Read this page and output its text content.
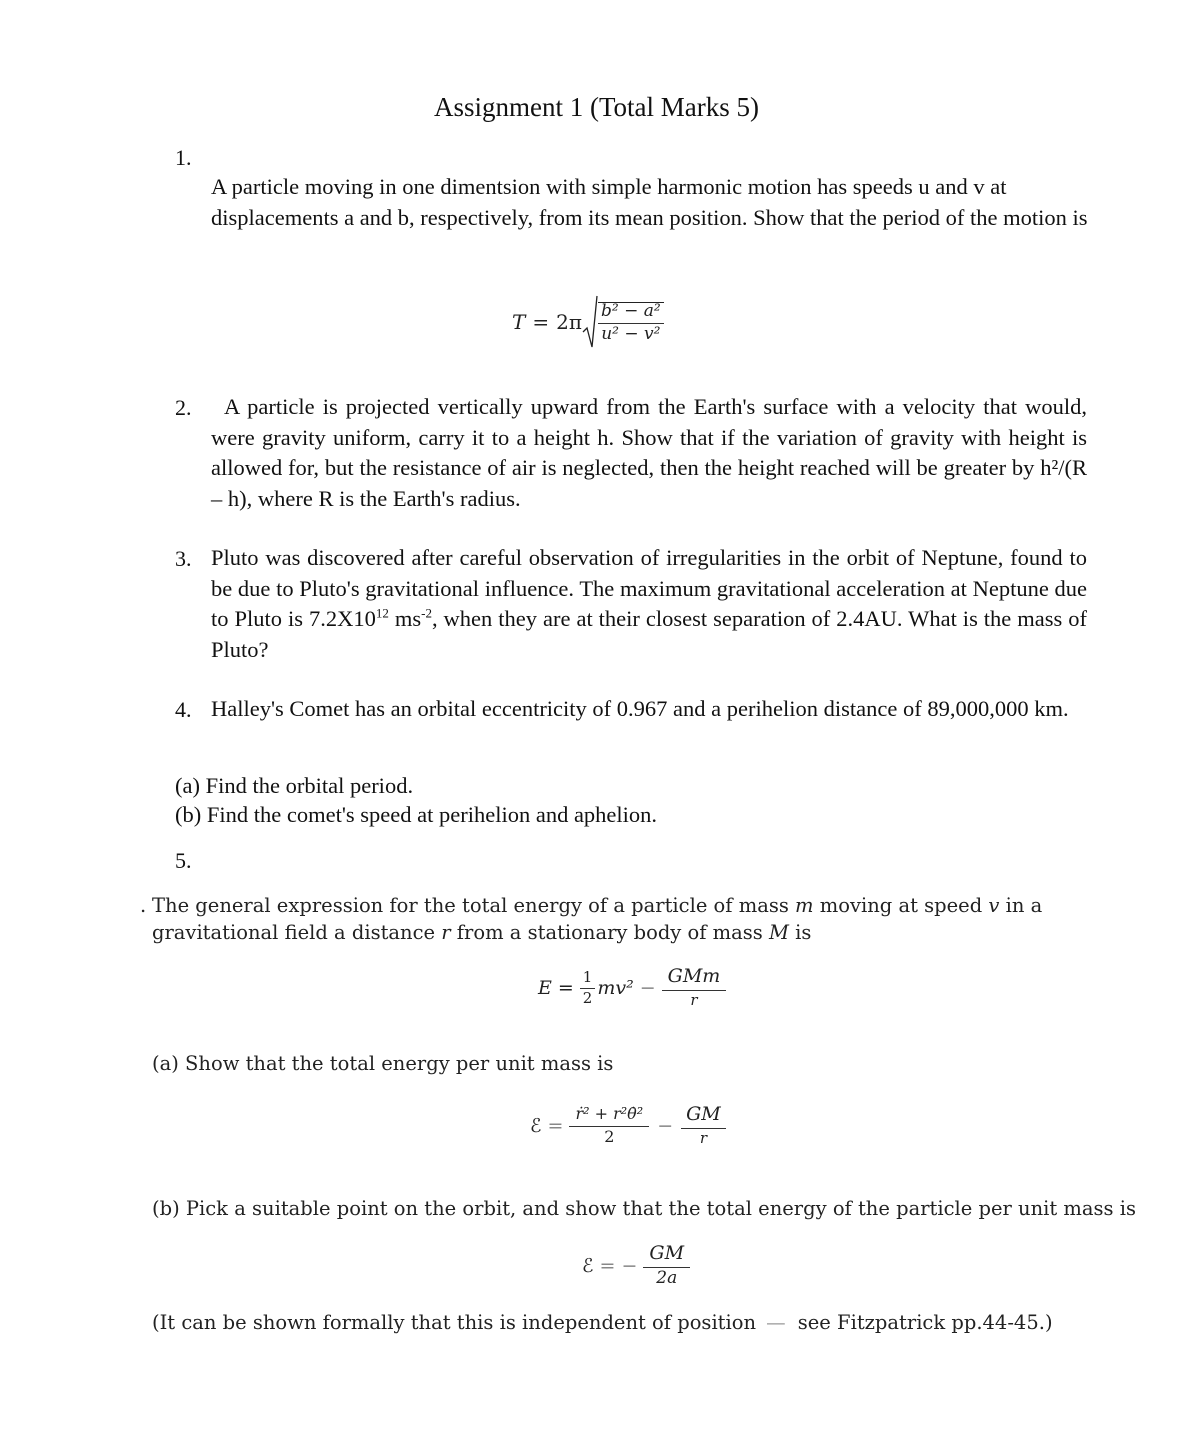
Assignment 1 (Total Marks 5)
1.
A particle moving in one dimentsion with simple harmonic motion has speeds u and v at displacements a and b, respectively, from its mean position. Show that the period of the motion is
$T = 2\pi \frac{\text{b² − a²}}{\text{u² − v²}}$
2.	A particle is projected vertically upward from the Earth's surface with a velocity that would, were gravity uniform, carry it to a height h. Show that if the variation of gravity with height is allowed for, but the resistance of air is neglected, then the height reached will be greater by h²/(R – h), where R is the Earth's radius.
3. Pluto was discovered after careful observation of irregularities in the orbit of Neptune, found to be due to Pluto's gravitational influence. The maximum gravitational acceleration at Neptune due to Pluto is $7.2X10^{12}$ $ms^{-2}$, when they are at their closest separation of 2.4AU. What is the mass of Pluto?
4. Halley's Comet has an orbital eccentricity of 0.967 and a perihelion distance of 89,000,000 km.
(a) Find the orbital period.
(b) Find the comet's speed at perihelion and aphelion.
5.
. The general expression for the total energy of a particle of mass m moving at speed v in a gravitational field a distance r from a stationary body of mass M is
$E = \frac{1}{2} mv^2 - \frac{\text{GMm}}{r}$
(a) Show that the total energy per unit mass is
ℰ = $\frac{\text{ṙ² + r²θ̇²}}{2} - \frac{GM}{r}$
(b) Pick a suitable point on the orbit, and show that the total energy of the particle per unit mass is
ℰ = − $\frac{GM}{2a}$
(It can be shown formally that this is independent of position — see Fitzpatrick pp.44-45.)
